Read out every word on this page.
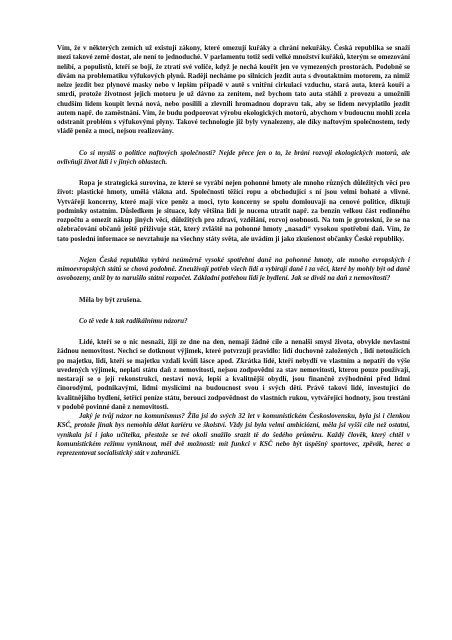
Vím, že v některých zemích už existují zákony, které omezují kuřáky a chrání nekuřáky. Česká republika se snaží mezi takové země dostat, ale není to jednoduché. V parlamentu totiž sedí velké množství kuřáků, kterým se omezování nelíbí, a populistů, kteří se bojí, že ztratí své voliče, když je nechá kouřit jen ve vymezených prostorách. Podobně se dívám na problematiku výfukových plynů. Raději necháme po silnicích jezdit auta s dvoutaktním motorem, za nimiž nelze jezdit bez plynové masky nebo v lepším případě v autě s vnitřní cirkulací vzduchu, stará auta, která kouří a smrdí, protože životnost jejich motoru je už dávno za zenitem, než bychom tato auta stáhli z provozu a umožnili chudším lidem koupit levná nová, nebo posílili a zlevnili hromadnou dopravu tak, aby se lidem nevyplatilo jezdit autem např. do zaměstnání. Vím, že budu podporovat výrobu ekologických motorů, abychom v budoucnu mohli zcela odstranit problém s výfukovými plyny. Takové technologie již byly vynalezeny, ale díky naftovým společnostem, tedy vládě peněz a moci, nejsou realizovány.

Co si myslíš o politice naftových společností? Nejde přece jen o to, že brání rozvoji ekologických motorů, ale ovlivňují život lidí i v jiných oblastech.

Ropa je strategická surovina, ze které se vyrábí nejen pohonné hmoty ale mnoho různých důležitých věcí pro život: plastické hmoty, umělá vlákna atd. Společnosti těžící ropu a obchodující s ní jsou velmi bohaté a vlivné. Vytvářejí koncerny, které mají více peněz a moci, tyto koncerny se spolu domlouvají na cenové politice, diktují podmínky ostatním. Důsledkem je situace, kdy většina lidí je nucena utratit např. za benzín velkou část rodinného rozpočtu a omezit nákup jiných věcí, důležitých pro zdraví, vzdělání, rozvoj osobnosti. Na tom je groteskní, že se na ožebračování občanů ještě přiživuje stát, který zvláště na pohonné hmoty „nasadí“ vysokou spotřební daň. Vím, že tato poslední informace se nevztahuje na všechny státy světa, ale uvádím ji jako zkušenost občanky České republiky.

Nejen Česká republika vybírá neúměrně vysoké spotřební daně na pohonné hmoty, ale mnoho evropských i mimoevropských států se chová podobně. Zneužívají potřeb všech lidí a vybírají daně i za věci, které by mohly být od daně osvobozeny, aniž by to narušilo státní rozpočet. Základní potřebou lidí je bydlení. Jak se díváš na daň z nemovitostí?

Měla by být zrušena.

Co tě vede k tak radikálnímu názoru?

Lidé, kteří se o nic nesnaží, žijí ze dne na den, nemají žádné cíle a nenalši smysl života, obvykle nevlastní žádnou nemovitost. Nechci se dotknout výjimek, které potvrzují pravidlo: lidí duchovně založených , lidí netoužících po majetku, lidí, kteří se majetku vzdali kvůli lásce apod. Zkrátka lidé, kteří nebydlí ve vlastním a nepatří do výše uvedených výjimek, neplatí státu daň z nemovitosti, nejsou zodpovědní za stav nemovitosti, kterou pouze používají, nestarají se o její rekonstrukci, nestaví nová, lepší a kvalitnější obydlí, jsou finančně zvýhodněni před lidmi činorodými, podnikavými, lidmi myslícími na budoucnost svou i svých dětí. Právě takoví lidé, investující do kvalitnějšího bydlení, šetřící peníze státu, beroucí zodpovědnost do vlastních rukou, vytvářející hodnoty, jsou trestáni v podobě povinné daně z nemovitosti.

Jaký je tvůj názor na komunismus? Žila jsi do svých 32 let v komunistickém Československu, byla jsi i členkou KSČ, protože jinak bys nemohla dělat kariéru ve školství. Vždy jsi byla velmi ambiciózní, měla jsi vyšší cíle než ostatní, vynikala jsi i jako učitelka, přestože se tvé okolí snažilo srazit tě do šedého průměru. Každý člověk, který chtěl v komunistickém režimu vyniknout, měl dvě možnosti: mít funkci v KSČ nebo být úspěšný sportovec, zpěvák, herec a reprezentovat socialistický stát v zahraničí.
